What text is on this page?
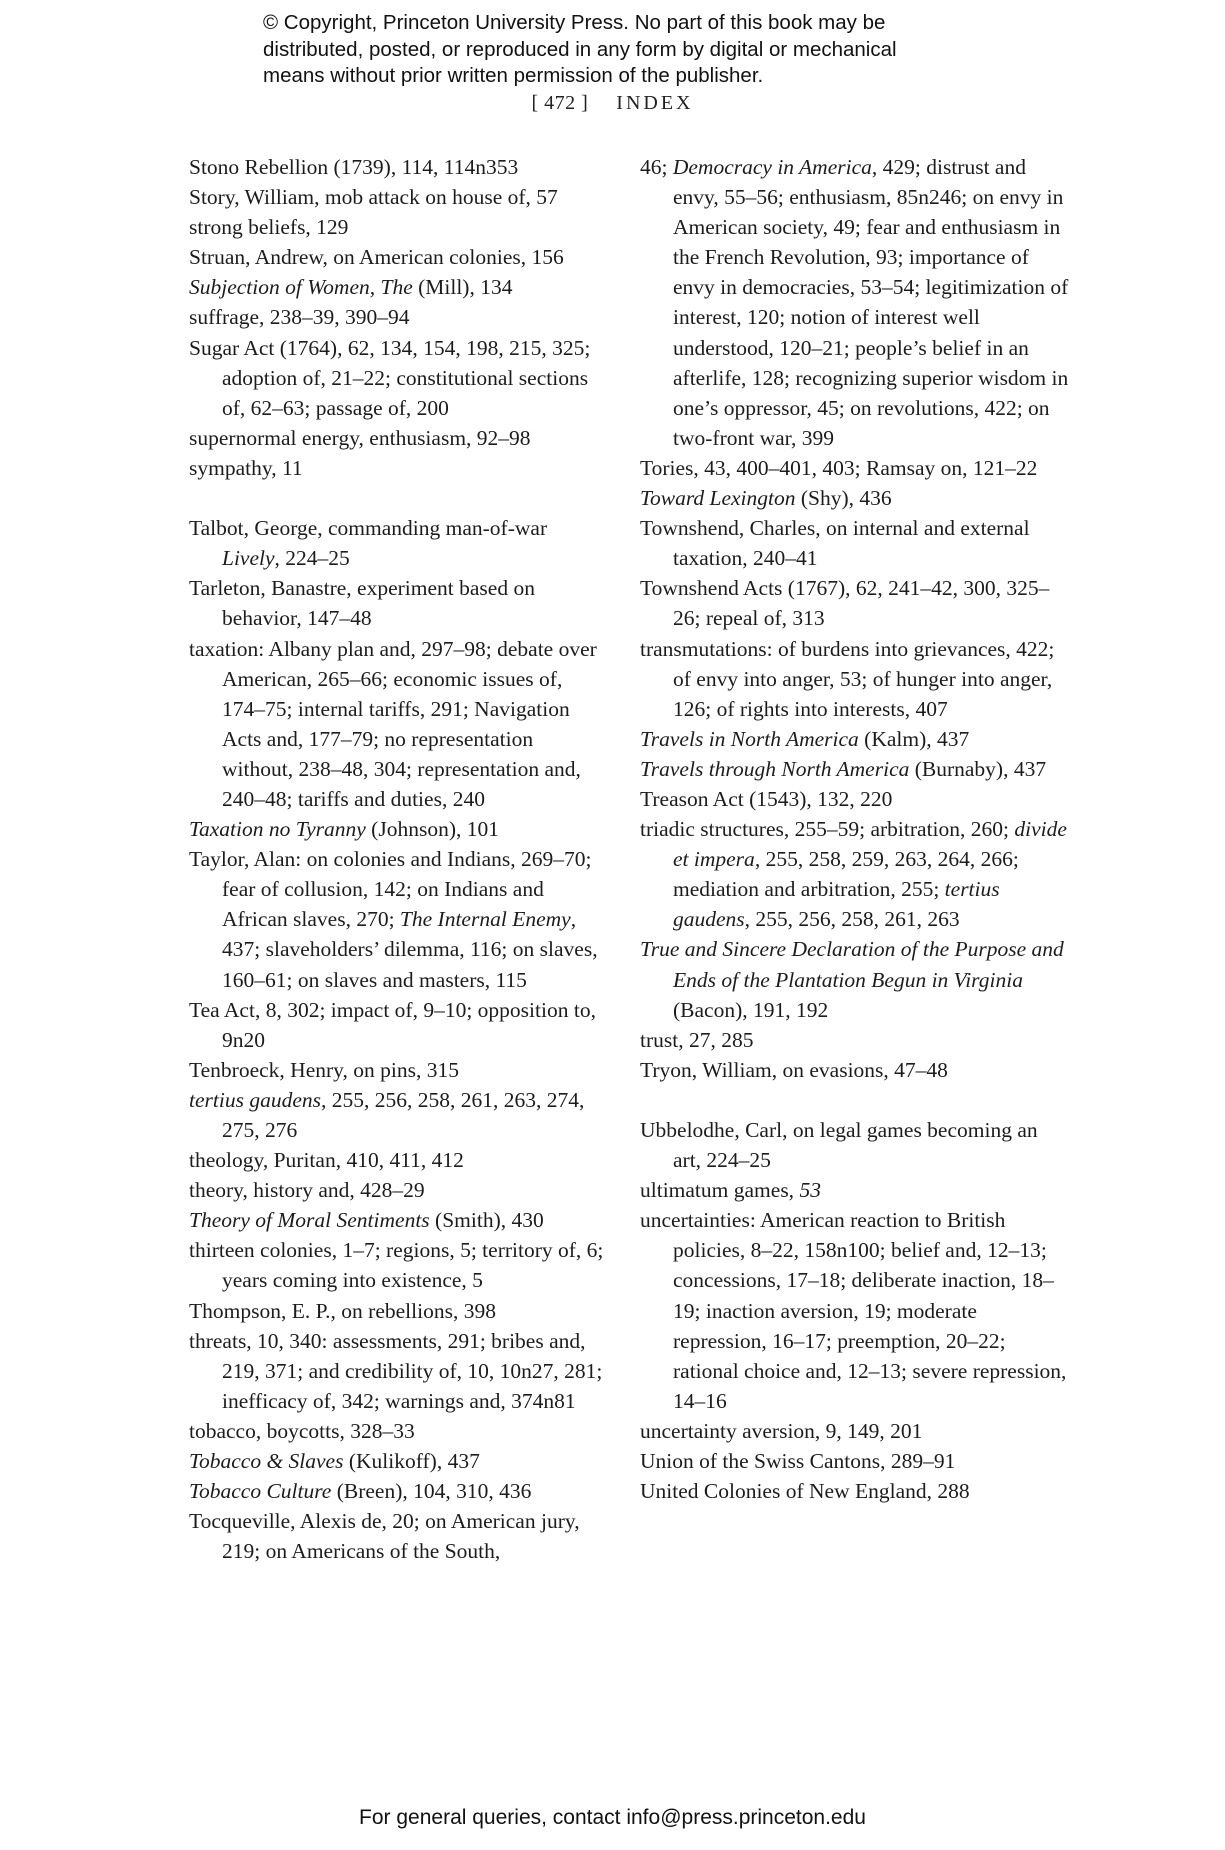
© Copyright, Princeton University Press. No part of this book may be
distributed, posted, or reproduced in any form by digital or mechanical
means without prior written permission of the publisher.
[ 472 ] INDEX
Stono Rebellion (1739), 114, 114n353
Story, William, mob attack on house of, 57
strong beliefs, 129
Struan, Andrew, on American colonies, 156
Subjection of Women, The (Mill), 134
suffrage, 238–39, 390–94
Sugar Act (1764), 62, 134, 154, 198, 215, 325; adoption of, 21–22; constitutional sections of, 62–63; passage of, 200
supernormal energy, enthusiasm, 92–98
sympathy, 11
Talbot, George, commanding man-of-war Lively, 224–25
Tarleton, Banastre, experiment based on behavior, 147–48
taxation: Albany plan and, 297–98; debate over American, 265–66; economic issues of, 174–75; internal tariffs, 291; Navigation Acts and, 177–79; no representation without, 238–48, 304; representation and, 240–48; tariffs and duties, 240
Taxation no Tyranny (Johnson), 101
Taylor, Alan: on colonies and Indians, 269–70; fear of collusion, 142; on Indians and African slaves, 270; The Internal Enemy, 437; slaveholders’ dilemma, 116; on slaves, 160–61; on slaves and masters, 115
Tea Act, 8, 302; impact of, 9–10; opposition to, 9n20
Tenbroeck, Henry, on pins, 315
tertius gaudens, 255, 256, 258, 261, 263, 274, 275, 276
theology, Puritan, 410, 411, 412
theory, history and, 428–29
Theory of Moral Sentiments (Smith), 430
thirteen colonies, 1–7; regions, 5; territory of, 6; years coming into existence, 5
Thompson, E. P., on rebellions, 398
threats, 10, 340: assessments, 291; bribes and, 219, 371; and credibility of, 10, 10n27, 281; inefficacy of, 342; warnings and, 374n81
tobacco, boycotts, 328–33
Tobacco & Slaves (Kulikoff), 437
Tobacco Culture (Breen), 104, 310, 436
Tocqueville, Alexis de, 20; on American jury, 219; on Americans of the South,
46; Democracy in America, 429; distrust and envy, 55–56; enthusiasm, 85n246; on envy in American society, 49; fear and enthusiasm in the French Revolution, 93; importance of envy in democracies, 53–54; legitimization of interest, 120; notion of interest well understood, 120–21; people’s belief in an afterlife, 128; recognizing superior wisdom in one’s oppressor, 45; on revolutions, 422; on two-front war, 399
Tories, 43, 400–401, 403; Ramsay on, 121–22
Toward Lexington (Shy), 436
Townshend, Charles, on internal and external taxation, 240–41
Townshend Acts (1767), 62, 241–42, 300, 325–26; repeal of, 313
transmutations: of burdens into grievances, 422; of envy into anger, 53; of hunger into anger, 126; of rights into interests, 407
Travels in North America (Kalm), 437
Travels through North America (Burnaby), 437
Treason Act (1543), 132, 220
triadic structures, 255–59; arbitration, 260; divide et impera, 255, 258, 259, 263, 264, 266; mediation and arbitration, 255; tertius gaudens, 255, 256, 258, 261, 263
True and Sincere Declaration of the Purpose and Ends of the Plantation Begun in Virginia (Bacon), 191, 192
trust, 27, 285
Tryon, William, on evasions, 47–48
Ubbelodhe, Carl, on legal games becoming an art, 224–25
ultimatum games, 53
uncertainties: American reaction to British policies, 8–22, 158n100; belief and, 12–13; concessions, 17–18; deliberate inaction, 18–19; inaction aversion, 19; moderate repression, 16–17; preemption, 20–22; rational choice and, 12–13; severe repression, 14–16
uncertainty aversion, 9, 149, 201
Union of the Swiss Cantons, 289–91
United Colonies of New England, 288
For general queries, contact info@press.princeton.edu
